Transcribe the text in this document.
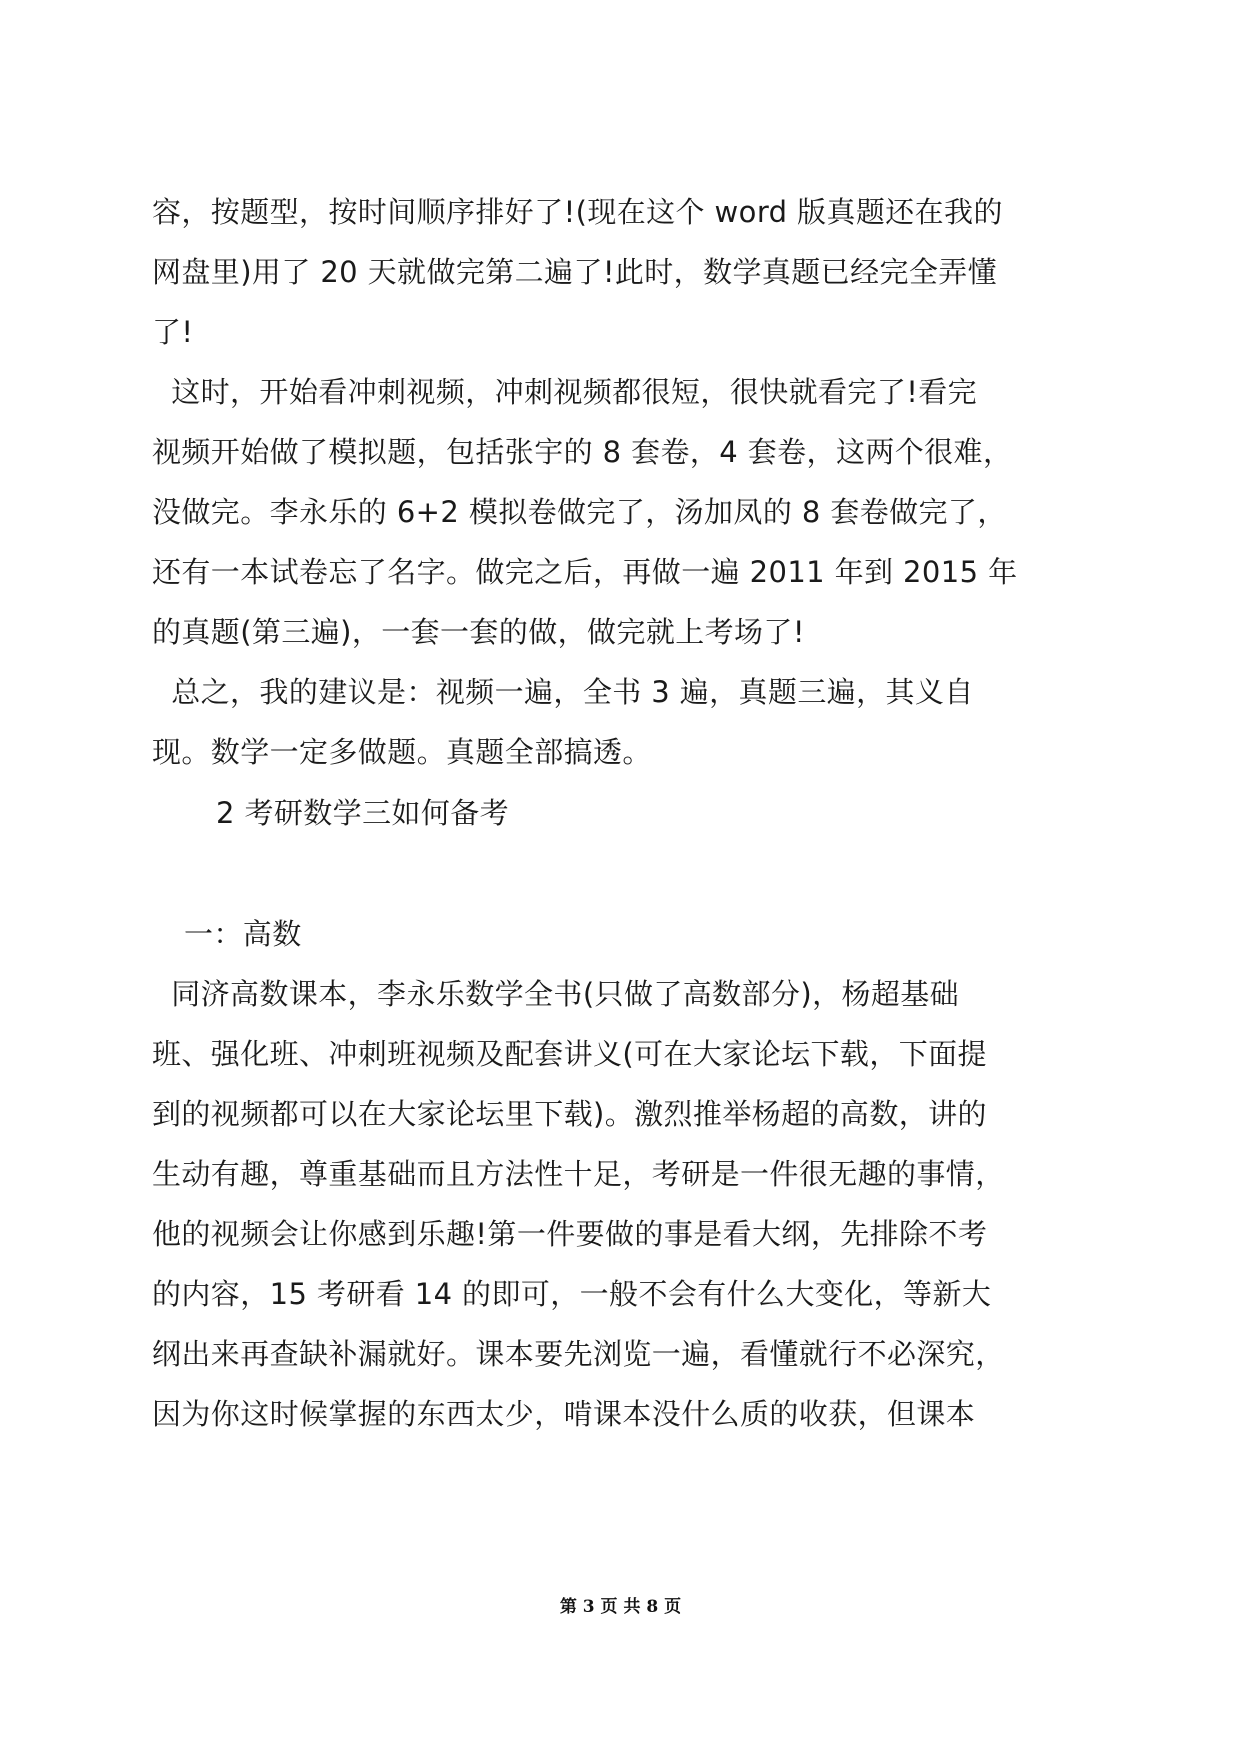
容，按题型，按时间顺序排好了!(现在这个 word 版真题还在我的
网盘里)用了 20 天就做完第二遍了!此时，数学真题已经完全弄懂
了!
这时，开始看冲刺视频，冲刺视频都很短，很快就看完了!看完
视频开始做了模拟题，包括张宇的 8 套卷，4 套卷，这两个很难，
没做完。李永乐的 6+2 模拟卷做完了，汤加凤的 8 套卷做完了，
还有一本试卷忘了名字。做完之后，再做一遍 2011 年到 2015 年
的真题(第三遍)，一套一套的做，做完就上考场了!
总之，我的建议是：视频一遍，全书 3 遍，真题三遍，其义自
现。数学一定多做题。真题全部搞透。
2 考研数学三如何备考
一：高数
同济高数课本，李永乐数学全书(只做了高数部分)，杨超基础
班、强化班、冲刺班视频及配套讲义(可在大家论坛下载，下面提
到的视频都可以在大家论坛里下载)。激烈推举杨超的高数，讲的
生动有趣，尊重基础而且方法性十足，考研是一件很无趣的事情，
他的视频会让你感到乐趣!第一件要做的事是看大纲，先排除不考
的内容，15 考研看 14 的即可，一般不会有什么大变化，等新大
纲出来再查缺补漏就好。课本要先浏览一遍，看懂就行不必深究，
因为你这时候掌握的东西太少，啃课本没什么质的收获，但课本
第 3 页 共 8 页
